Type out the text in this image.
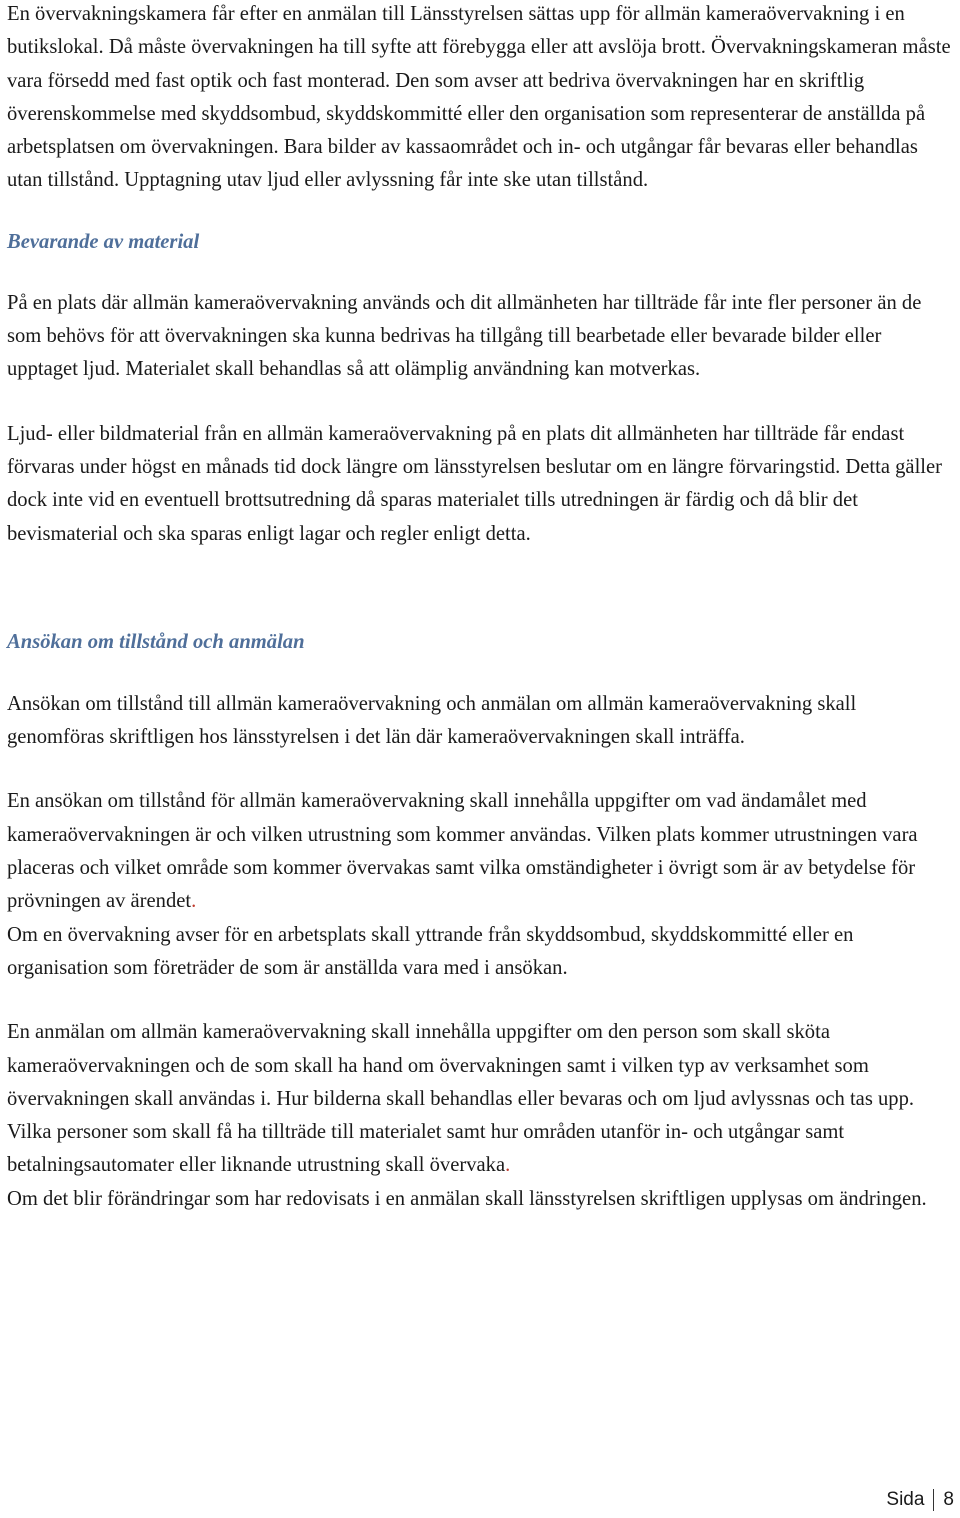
En övervakningskamera får efter en anmälan till Länsstyrelsen sättas upp för allmän kameraövervakning i en butikslokal. Då måste övervakningen ha till syfte att förebygga eller att avslöja brott. Övervakningskameran måste vara försedd med fast optik och fast monterad. Den som avser att bedriva övervakningen har en skriftlig överenskommelse med skyddsombud, skyddskommitté eller den organisation som representerar de anställda på arbetsplatsen om övervakningen. Bara bilder av kassaområdet och in- och utgångar får bevaras eller behandlas utan tillstånd. Upptagning utav ljud eller avlyssning får inte ske utan tillstånd.

Bevarande av material

På en plats där allmän kameraövervakning används och dit allmänheten har tillträde får inte fler personer än de som behövs för att övervakningen ska kunna bedrivas ha tillgång till bearbetade eller bevarade bilder eller upptaget ljud. Materialet skall behandlas så att olämplig användning kan motverkas.

Ljud- eller bildmaterial från en allmän kameraövervakning på en plats dit allmänheten har tillträde får endast förvaras under högst en månads tid dock längre om länsstyrelsen beslutar om en längre förvaringstid. Detta gäller dock inte vid en eventuell brottsutredning då sparas materialet tills utredningen är färdig och då blir det bevismaterial och ska sparas enligt lagar och regler enligt detta.

Ansökan om tillstånd och anmälan

Ansökan om tillstånd till allmän kameraövervakning och anmälan om allmän kameraövervakning skall genomföras skriftligen hos länsstyrelsen i det län där kameraövervakningen skall inträffa.

En ansökan om tillstånd för allmän kameraövervakning skall innehålla uppgifter om vad ändamålet med kameraövervakningen är och vilken utrustning som kommer användas. Vilken plats kommer utrustningen vara placeras och vilket område som kommer övervakas samt vilka omständigheter i övrigt som är av betydelse för prövningen av ärendet.

Om en övervakning avser för en arbetsplats skall yttrande från skyddsombud, skyddskommitté eller en organisation som företräder de som är anställda vara med i ansökan.

En anmälan om allmän kameraövervakning skall innehålla uppgifter om den person som skall sköta kameraövervakningen och de som skall ha hand om övervakningen samt i vilken typ av verksamhet som övervakningen skall användas i. Hur bilderna skall behandlas eller bevaras och om ljud avlyssnas och tas upp. Vilka personer som skall få ha tillträde till materialet samt hur områden utanför in- och utgångar samt betalningsautomater eller liknande utrustning skall övervaka.

Om det blir förändringar som har redovisats i en anmälan skall länsstyrelsen skriftligen upplysas om ändringen.

Sida 8
